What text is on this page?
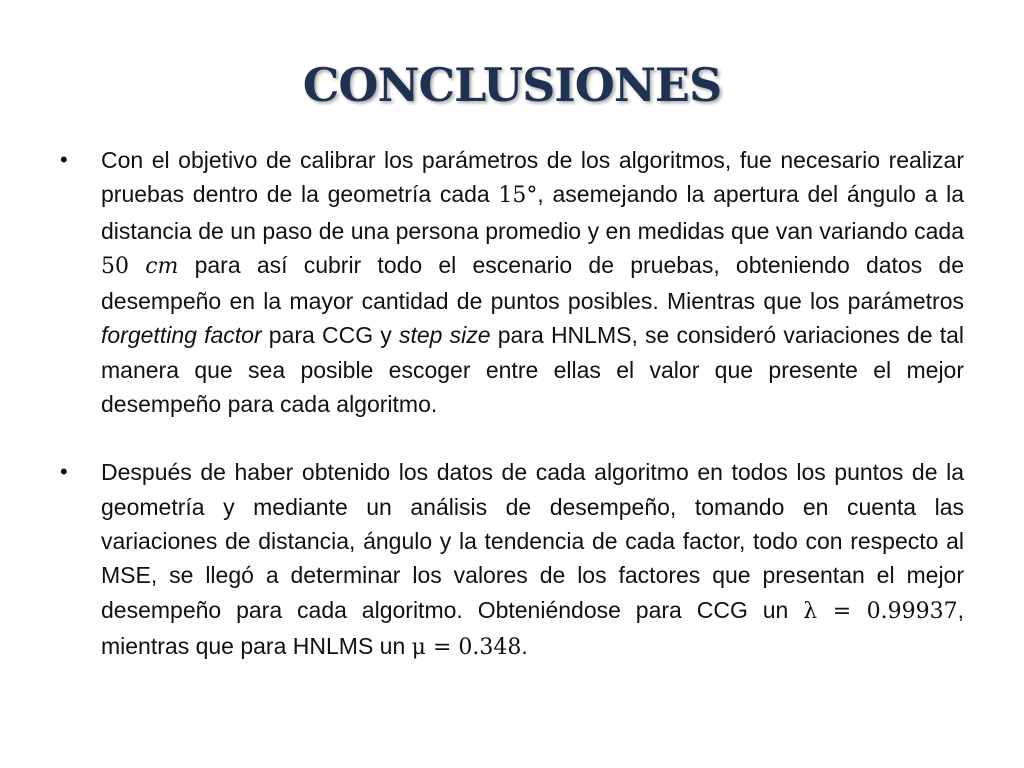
CONCLUSIONES
• Con el objetivo de calibrar los parámetros de los algoritmos, fue necesario realizar pruebas dentro de la geometría cada 15°, asemejando la apertura del ángulo a la distancia de un paso de una persona promedio y en medidas que van variando cada 50 cm para así cubrir todo el escenario de pruebas, obteniendo datos de desempeño en la mayor cantidad de puntos posibles. Mientras que los parámetros forgetting factor para CCG y step size para HNLMS, se consideró variaciones de tal manera que sea posible escoger entre ellas el valor que presente el mejor desempeño para cada algoritmo.
• Después de haber obtenido los datos de cada algoritmo en todos los puntos de la geometría y mediante un análisis de desempeño, tomando en cuenta las variaciones de distancia, ángulo y la tendencia de cada factor, todo con respecto al MSE, se llegó a determinar los valores de los factores que presentan el mejor desempeño para cada algoritmo. Obteniéndose para CCG un λ = 0.99937, mientras que para HNLMS un μ = 0.348.
